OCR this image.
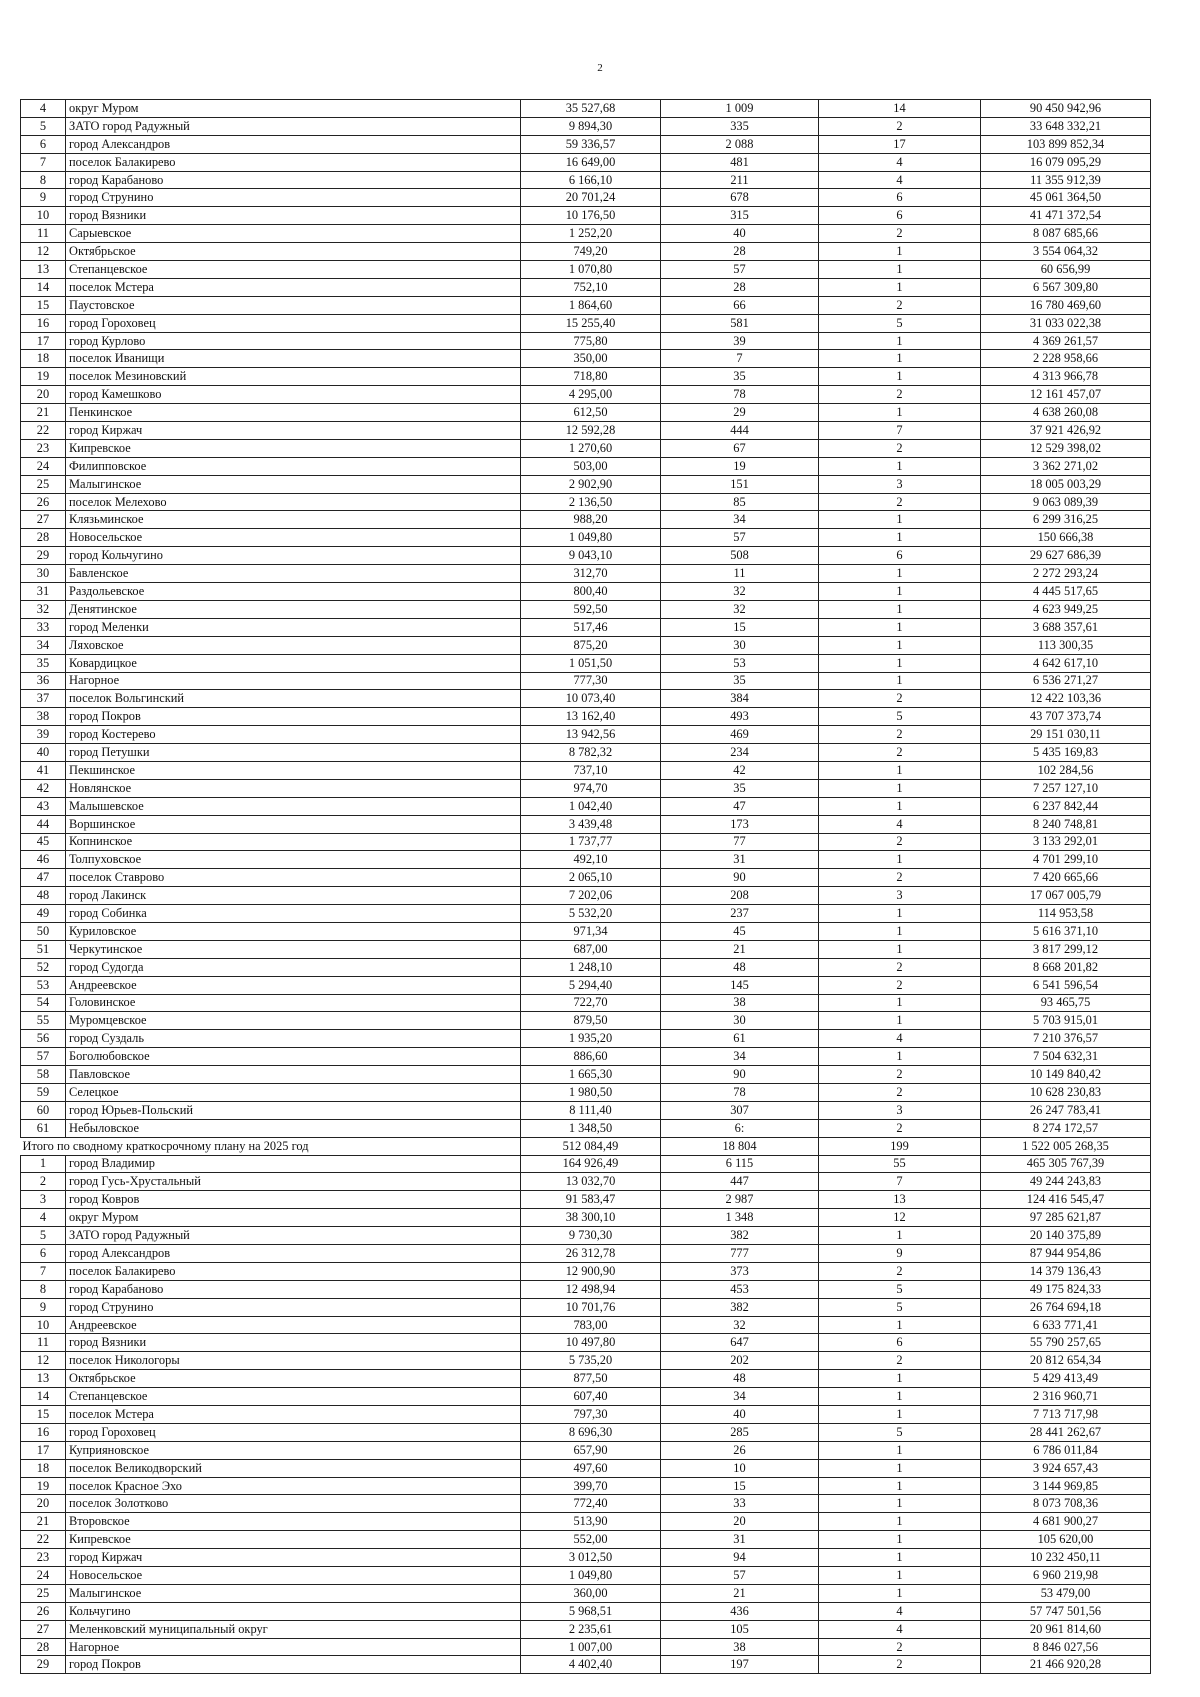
2
4	округ Муром	35 527,68	1 009	14	90 450 942,96
5	ЗАТО город Радужный	9 894,30	335	2	33 648 332,21
6	город Александров	59 336,57	2 088	17	103 899 852,34
7	поселок Балакирево	16 649,00	481	4	16 079 095,29
8	город Карабаново	6 166,10	211	4	11 355 912,39
9	город Струнино	20 701,24	678	6	45 061 364,50
10	город Вязники	10 176,50	315	6	41 471 372,54
11	Сарыевское	1 252,20	40	2	8 087 685,66
12	Октябрьское	749,20	28	1	3 554 064,32
13	Степанцевское	1 070,80	57	1	60 656,99
14	поселок Мстера	752,10	28	1	6 567 309,80
15	Паустовское	1 864,60	66	2	16 780 469,60
16	город Гороховец	15 255,40	581	5	31 033 022,38
17	город Курлово	775,80	39	1	4 369 261,57
18	поселок Иванищи	350,00	7	1	2 228 958,66
19	поселок Мезиновский	718,80	35	1	4 313 966,78
20	город Камешково	4 295,00	78	2	12 161 457,07
21	Пенкинское	612,50	29	1	4 638 260,08
22	город Киржач	12 592,28	444	7	37 921 426,92
23	Кипревское	1 270,60	67	2	12 529 398,02
24	Филипповское	503,00	19	1	3 362 271,02
25	Малыгинское	2 902,90	151	3	18 005 003,29
26	поселок Мелехово	2 136,50	85	2	9 063 089,39
27	Клязьминское	988,20	34	1	6 299 316,25
28	Новосельское	1 049,80	57	1	150 666,38
29	город Кольчугино	9 043,10	508	6	29 627 686,39
30	Бавленское	312,70	11	1	2 272 293,24
31	Раздольевское	800,40	32	1	4 445 517,65
32	Денятинское	592,50	32	1	4 623 949,25
33	город Меленки	517,46	15	1	3 688 357,61
34	Ляховское	875,20	30	1	113 300,35
35	Ковардицкое	1 051,50	53	1	4 642 617,10
36	Нагорное	777,30	35	1	6 536 271,27
37	поселок Вольгинский	10 073,40	384	2	12 422 103,36
38	город Покров	13 162,40	493	5	43 707 373,74
39	город Костерево	13 942,56	469	2	29 151 030,11
40	город Петушки	8 782,32	234	2	5 435 169,83
41	Пекшинское	737,10	42	1	102 284,56
42	Новлянское	974,70	35	1	7 257 127,10
43	Малышевское	1 042,40	47	1	6 237 842,44
44	Воршинское	3 439,48	173	4	8 240 748,81
45	Копнинское	1 737,77	77	2	3 133 292,01
46	Толпуховское	492,10	31	1	4 701 299,10
47	поселок Ставрово	2 065,10	90	2	7 420 665,66
48	город Лакинск	7 202,06	208	3	17 067 005,79
49	город Собинка	5 532,20	237	1	114 953,58
50	Куриловское	971,34	45	1	5 616 371,10
51	Черкутинское	687,00	21	1	3 817 299,12
52	город Судогда	1 248,10	48	2	8 668 201,82
53	Андреевское	5 294,40	145	2	6 541 596,54
54	Головинское	722,70	38	1	93 465,75
55	Муромцевское	879,50	30	1	5 703 915,01
56	город Суздаль	1 935,20	61	4	7 210 376,57
57	Боголюбовское	886,60	34	1	7 504 632,31
58	Павловское	1 665,30	90	2	10 149 840,42
59	Селецкое	1 980,50	78	2	10 628 230,83
60	город Юрьев-Польский	8 111,40	307	3	26 247 783,41
61	Небыловское	1 348,50	6:	2	8 274 172,57
Итого по сводному краткосрочному плану на 2025 год		512 084,49	18 804	199	1 522 005 268,35
1	город Владимир	164 926,49	6 115	55	465 305 767,39
2	город Гусь-Хрустальный	13 032,70	447	7	49 244 243,83
3	город Ковров	91 583,47	2 987	13	124 416 545,47
4	округ Муром	38 300,10	1 348	12	97 285 621,87
5	ЗАТО город Радужный	9 730,30	382	1	20 140 375,89
6	город Александров	26 312,78	777	9	87 944 954,86
7	поселок Балакирево	12 900,90	373	2	14 379 136,43
8	город Карабаново	12 498,94	453	5	49 175 824,33
9	город Струнино	10 701,76	382	5	26 764 694,18
10	Андреевское	783,00	32	1	6 633 771,41
11	город Вязники	10 497,80	647	6	55 790 257,65
12	поселок Никологоры	5 735,20	202	2	20 812 654,34
13	Октябрьское	877,50	48	1	5 429 413,49
14	Степанцевское	607,40	34	1	2 316 960,71
15	поселок Мстера	797,30	40	1	7 713 717,98
16	город Гороховец	8 696,30	285	5	28 441 262,67
17	Куприяновское	657,90	26	1	6 786 011,84
18	поселок Великодворский	497,60	10	1	3 924 657,43
19	поселок Красное Эхо	399,70	15	1	3 144 969,85
20	поселок Золотково	772,40	33	1	8 073 708,36
21	Второвское	513,90	20	1	4 681 900,27
22	Кипревское	552,00	31	1	105 620,00
23	город Киржач	3 012,50	94	1	10 232 450,11
24	Новосельское	1 049,80	57	1	6 960 219,98
25	Малыгинское	360,00	21	1	53 479,00
26	Кольчугино	5 968,51	436	4	57 747 501,56
27	Меленковский муниципальный округ	2 235,61	105	4	20 961 814,60
28	Нагорное	1 007,00	38	2	8 846 027,56
29	город Покров	4 402,40	197	2	21 466 920,28
